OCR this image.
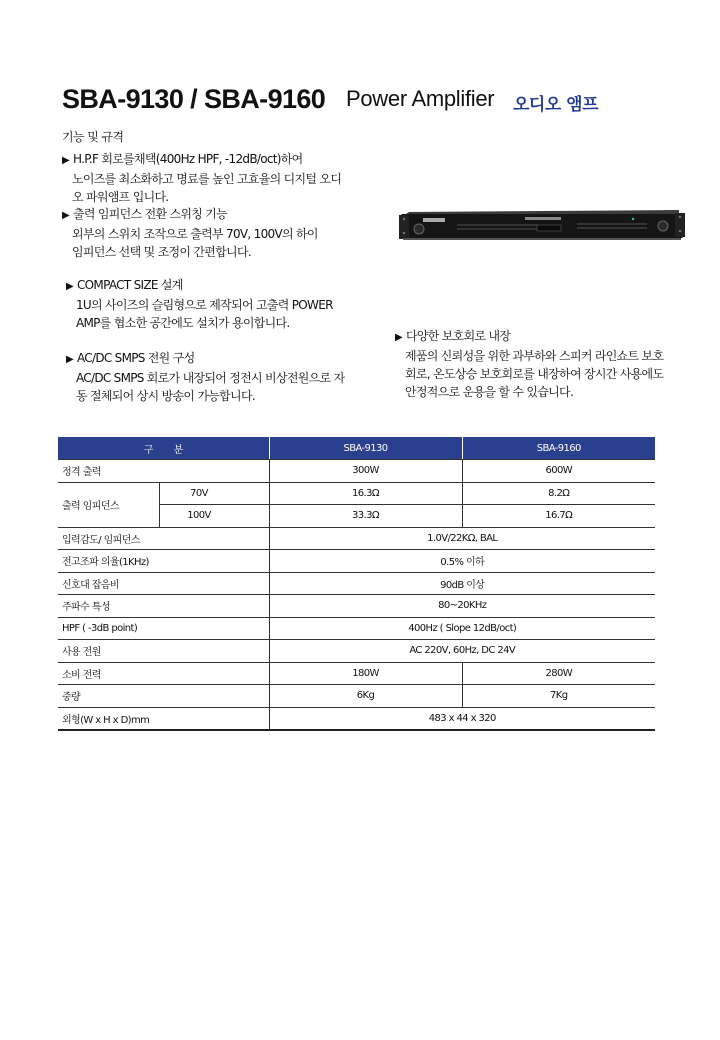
SBA-9130 / SBA-9160 Power Amplifier 오디오 앰프
기능 및 규격
▶ H.P.F 회로를채택(400Hz HPF, -12dB/oct)하여
노이즈를 최소화하고 명료를 높인 고효율의 디지털 오디오 파워앰프 입니다.
▶ 출력 임피던스 전환 스위칭 기능
외부의 스위치 조작으로 출력부 70V, 100V의 하이 임피던스 선택 및 조정이 간편합니다.
▶ COMPACT SIZE 설계
1U의 사이즈의 슬림형으로 제작되어 고출력 POWER AMP를 협소한 공간에도 설치가 용이합니다.
▶ AC/DC SMPS 전원 구성
AC/DC SMPS 회로가 내장되어 정전시 비상전원으로 자동 절체되어 상시 방송이 가능합니다.
▶ 다양한 보호회로 내장
제품의 신뢰성을 위한 과부하와 스피커 라인쇼트 보호회로, 온도상승 보호회로를 내장하여 장시간 사용에도 안정적으로 운용을 할 수 있습니다.
구        분		SBA-9130	SBA-9160
정격 출력		300W	600W
출력 임피던스	70V	16.3Ω	8.2Ω
	100V	33.3Ω	16.7Ω
입력감도/ 임피던스		1.0V/22KΩ, BAL	
전고조파 의율(1KHz)		0.5% 이하	
신호대 잡음비		90dB 이상	
주파수 특성		80~20KHz	
HPF ( -3dB point)		400Hz ( Slope 12dB/oct)	
사용 전원		AC 220V, 60Hz, DC 24V	
소비 전력		180W	280W
중량		6Kg	7Kg
외형(W x H x D)mm		483 x 44 x 320	
